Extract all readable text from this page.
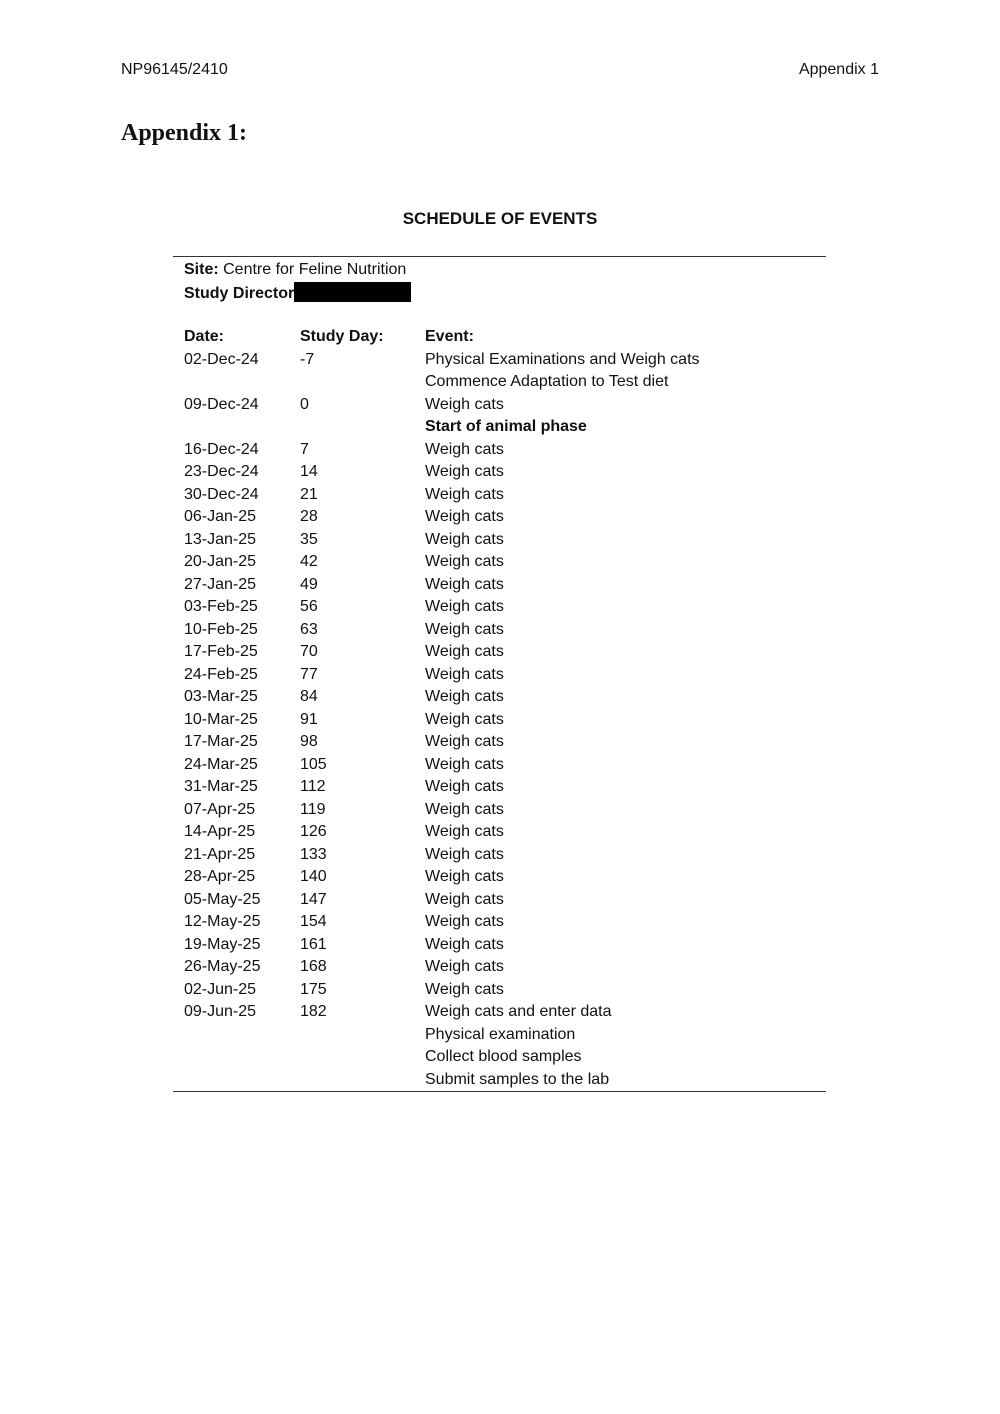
NP96145/2410	Appendix 1
Appendix 1:
SCHEDULE OF EVENTS
Site: Centre for Feline Nutrition
Study Director
Date:	Study Day:	Event:
02-Dec-24	-7	Physical Examinations and Weigh cats
Commence Adaptation to Test diet
09-Dec-24	0	Weigh cats
Start of animal phase
16-Dec-24	7	Weigh cats
23-Dec-24	14	Weigh cats
30-Dec-24	21	Weigh cats
06-Jan-25	28	Weigh cats
13-Jan-25	35	Weigh cats
20-Jan-25	42	Weigh cats
27-Jan-25	49	Weigh cats
03-Feb-25	56	Weigh cats
10-Feb-25	63	Weigh cats
17-Feb-25	70	Weigh cats
24-Feb-25	77	Weigh cats
03-Mar-25	84	Weigh cats
10-Mar-25	91	Weigh cats
17-Mar-25	98	Weigh cats
24-Mar-25	105	Weigh cats
31-Mar-25	112	Weigh cats
07-Apr-25	119	Weigh cats
14-Apr-25	126	Weigh cats
21-Apr-25	133	Weigh cats
28-Apr-25	140	Weigh cats
05-May-25 147	Weigh cats
12-May-25 154	Weigh cats
19-May-25 161	Weigh cats
26-May-25 168	Weigh cats
02-Jun-25	175	Weigh cats
09-Jun-25	182	Weigh cats and enter data
Physical examination
Collect blood samples
Submit samples to the lab
